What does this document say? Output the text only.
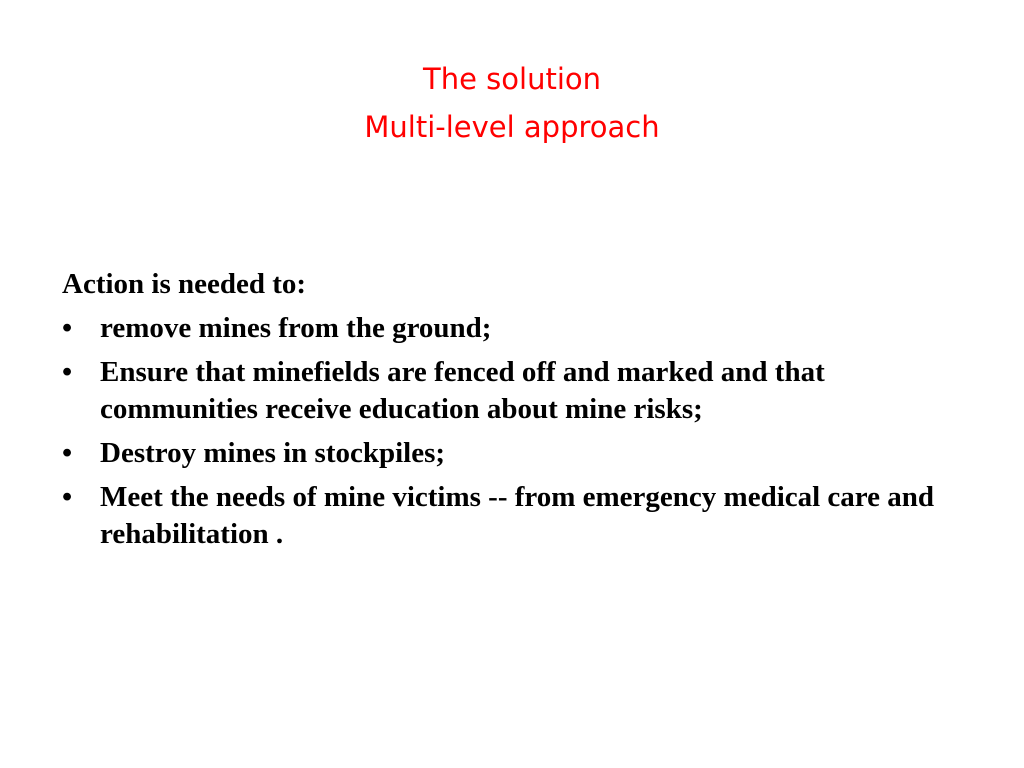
The solution
Multi-level approach
Action is needed to:
• remove mines from the ground;
• Ensure that minefields are fenced off and marked and that communities receive education about mine risks;
• Destroy mines in stockpiles;
• Meet the needs of mine victims -- from emergency medical care and rehabilitation .
